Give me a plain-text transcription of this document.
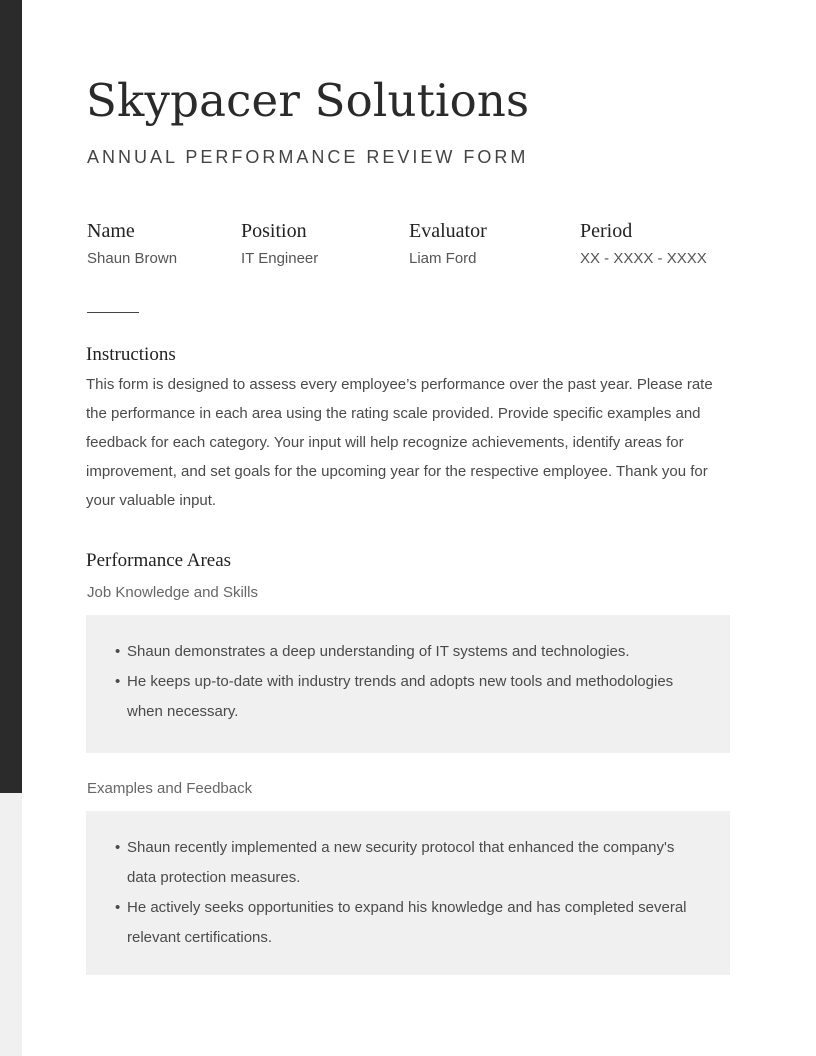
Skypacer Solutions
ANNUAL PERFORMANCE REVIEW FORM
Name
Shaun Brown
Position
IT Engineer
Evaluator
Liam Ford
Period
XX - XXXX - XXXX
Instructions
This form is designed to assess every employee’s performance over the past year. Please rate the performance in each area using the rating scale provided. Provide specific examples and feedback for each category. Your input will help recognize achievements, identify areas for improvement, and set goals for the upcoming year for the respective employee. Thank you for your valuable input.
Performance Areas
Job Knowledge and Skills
• Shaun demonstrates a deep understanding of IT systems and technologies.
• He keeps up-to-date with industry trends and adopts new tools and methodologies when necessary.
Examples and Feedback
• Shaun recently implemented a new security protocol that enhanced the company's data protection measures.
• He actively seeks opportunities to expand his knowledge and has completed several relevant certifications.
